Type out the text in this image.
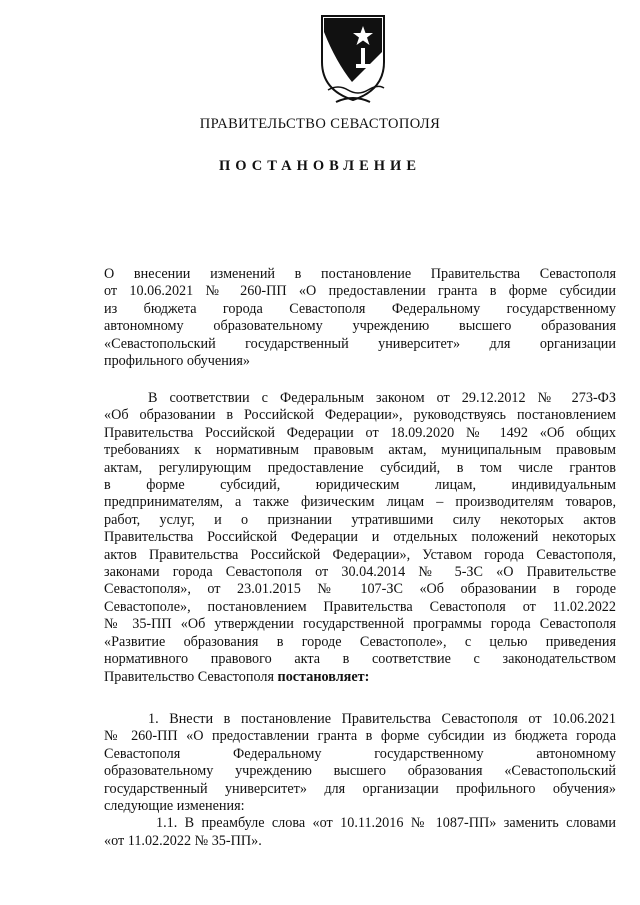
ПРАВИТЕЛЬСТВО СЕВАСТОПОЛЯ
ПОСТАНОВЛЕНИЕ
О внесении изменений в постановление Правительства Севастополя
от 10.06.2021 № 260-ПП «О предоставлении гранта в форме субсидии
из бюджета города Севастополя Федеральному государственному
автономному образовательному учреждению высшего образования
«Севастопольский государственный университет» для организации
профильного обучения»
В соответствии с Федеральным законом от 29.12.2012 № 273-ФЗ
«Об образовании в Российской Федерации», руководствуясь постановлением
Правительства Российской Федерации от 18.09.2020 № 1492 «Об общих
требованиях к нормативным правовым актам, муниципальным правовым
актам, регулирующим предоставление субсидий, в том числе грантов
в форме субсидий, юридическим лицам, индивидуальным
предпринимателям, а также физическим лицам – производителям товаров,
работ, услуг, и о признании утратившими силу некоторых актов
Правительства Российской Федерации и отдельных положений некоторых
актов Правительства Российской Федерации», Уставом города Севастополя,
законами города Севастополя от 30.04.2014 № 5-ЗС «О Правительстве
Севастополя», от 23.01.2015 № 107-ЗС «Об образовании в городе
Севастополе», постановлением Правительства Севастополя от 11.02.2022
№ 35-ПП «Об утверждении государственной программы города Севастополя
«Развитие образования в городе Севастополе», с целью приведения
нормативного правового акта в соответствие с законодательством
Правительство Севастополя постановляет:
1. Внести в постановление Правительства Севастополя от 10.06.2021
№ 260-ПП «О предоставлении гранта в форме субсидии из бюджета города
Севастополя Федеральному государственному автономному
образовательному учреждению высшего образования «Севастопольский
государственный университет» для организации профильного обучения»
следующие изменения:
1.1. В преамбуле слова «от 10.11.2016 № 1087-ПП» заменить словами
«от 11.02.2022 № 35-ПП».
